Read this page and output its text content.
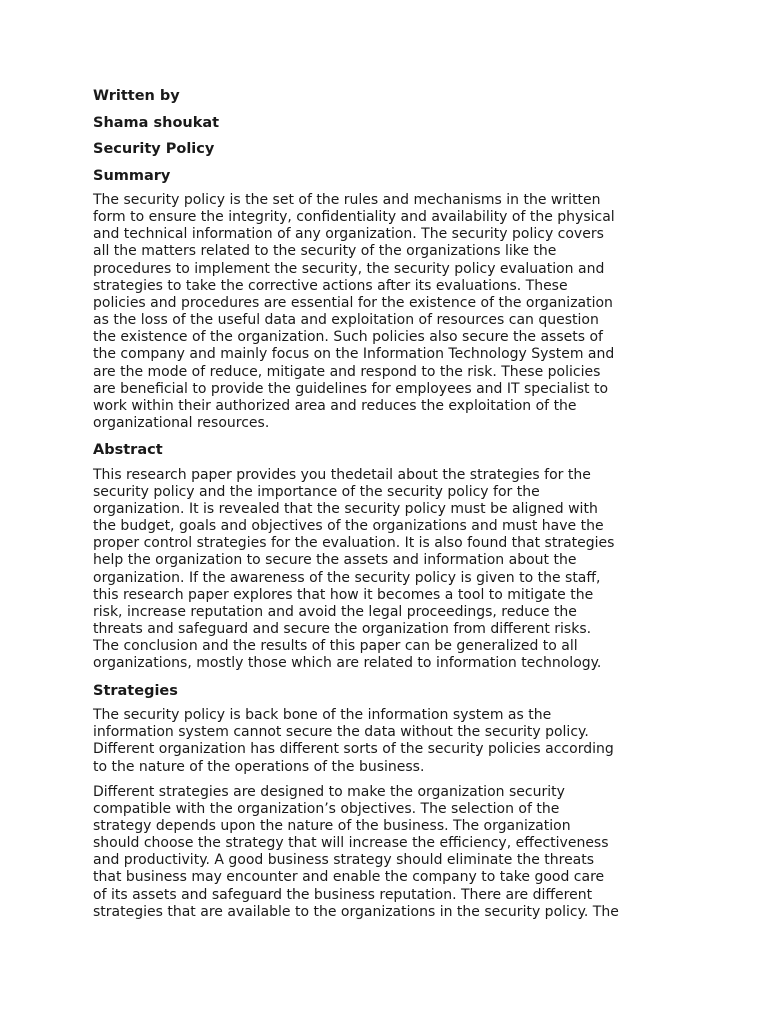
Written by
Shama shoukat
Security Policy
Summary
The security policy is the set of the rules and mechanisms in the written
form to ensure the integrity, confidentiality and availability of the physical
and technical information of any organization. The security policy covers
all the matters related to the security of the organizations like the
procedures to implement the security, the security policy evaluation and
strategies to take the corrective actions after its evaluations. These
policies and procedures are essential for the existence of the organization
as the loss of the useful data and exploitation of resources can question
the existence of the organization. Such policies also secure the assets of
the company and mainly focus on the Information Technology System and
are the mode of reduce, mitigate and respond to the risk. These policies
are beneficial to provide the guidelines for employees and IT specialist to
work within their authorized area and reduces the exploitation of the
organizational resources.
Abstract
This research paper provides you thedetail about the strategies for the
security policy and the importance of the security policy for the
organization. It is revealed that the security policy must be aligned with
the budget, goals and objectives of the organizations and must have the
proper control strategies for the evaluation. It is also found that strategies
help the organization to secure the assets and information about the
organization. If the awareness of the security policy is given to the staff,
this research paper explores that how it becomes a tool to mitigate the
risk, increase reputation and avoid the legal proceedings, reduce the
threats and safeguard and secure the organization from different risks.
The conclusion and the results of this paper can be generalized to all
organizations, mostly those which are related to information technology.
Strategies
The security policy is back bone of the information system as the
information system cannot secure the data without the security policy.
Different organization has different sorts of the security policies according
to the nature of the operations of the business.
Different strategies are designed to make the organization security
compatible with the organization’s objectives. The selection of the
strategy depends upon the nature of the business. The organization
should choose the strategy that will increase the efficiency, effectiveness
and productivity. A good business strategy should eliminate the threats
that business may encounter and enable the company to take good care
of its assets and safeguard the business reputation. There are different
strategies that are available to the organizations in the security policy. The
